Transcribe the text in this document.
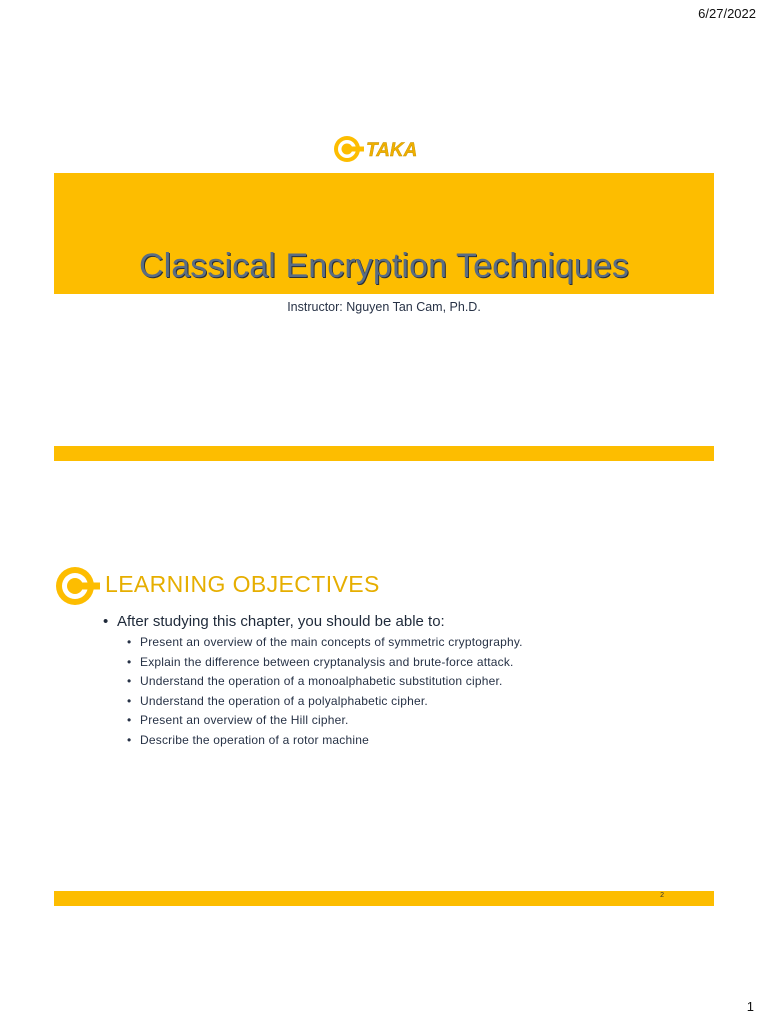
6/27/2022
TAKA
Classical Encryption Techniques
Instructor: Nguyen Tan Cam, Ph.D.
LEARNING OBJECTIVES
• After studying this chapter, you should be able to:
• Present an overview of the main concepts of symmetric cryptography.
• Explain the difference between cryptanalysis and brute-force attack.
• Understand the operation of a monoalphabetic substitution cipher.
• Understand the operation of a polyalphabetic cipher.
• Present an overview of the Hill cipher.
• Describe the operation of a rotor machine
2
1
